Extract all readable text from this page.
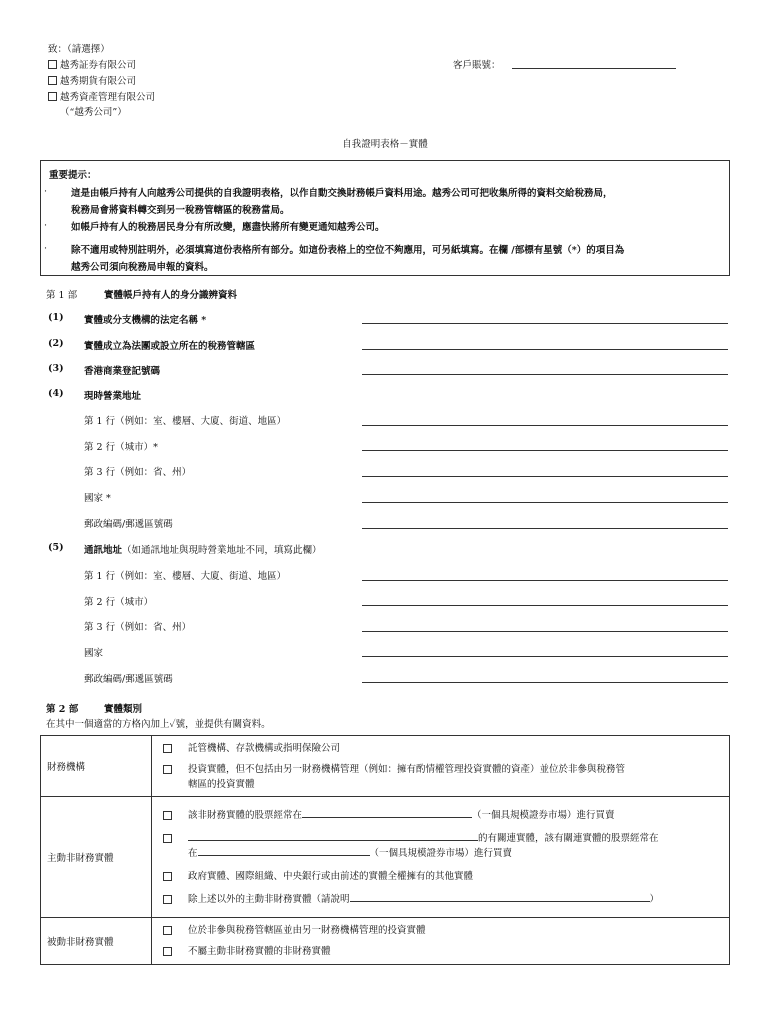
致：（請選擇）
越秀証券有限公司
越秀期貨有限公司
越秀資產管理有限公司
（“越秀公司”）
客戶賬號：
自我證明表格－實體
重要提示：
·	這是由帳戶持有人向越秀公司提供的自我證明表格，以作自動交換財務帳戶資料用途。越秀公司可把收集所得的資料交給稅務局，
稅務局會將資料轉交到另一稅務管轄區的稅務當局。
·	如帳戶持有人的稅務居民身分有所改變，應盡快將所有變更通知越秀公司。
·	除不適用或特別註明外，必須填寫這份表格所有部分。如這份表格上的空位不夠應用，可另紙填寫。在欄 /部標有星號（*）的項目為
越秀公司須向稅務局申報的資料。
第 1 部	實體帳戶持有人的身分識辨資料
(1) 實體或分支機構的法定名稱 *
(2) 實體成立為法團或設立所在的稅務管轄區
(3) 香港商業登記號碼
(4) 現時營業地址
第 1 行（例如：室、樓層、大廈、街道、地區）
第 2 行（城市）*
第 3 行（例如：省、州）
國家 *
郵政編碼/郵遞區號碼
(5) 通訊地址（如通訊地址與現時營業地址不同，填寫此欄）
第 1 行（例如：室、樓層、大廈、街道、地區）
第 2 行（城市）
第 3 行（例如：省、州）
國家
郵政編碼/郵遞區號碼
第 2 部	實體類別
在其中一個適當的方格內加上✓號，並提供有關資料。
財務機構	託管機構、存款機構或指明保險公司
投資實體，但不包括由另一財務機構管理（例如：擁有酌情權管理投資實體的資產）並位於非參與稅務管
轄區的投資實體

主動非財務實體	該非財務實體的股票經常在 （一個具規模證券市場）進行買賣
的有關連實體，該有關連實體的股票經常在
在 （一個具規模證券市場）進行買賣
政府實體、國際組織、中央銀行或由前述的實體全權擁有的其他實體
除上述以外的主動非財務實體（請說明 ）

被動非財務實體	位於非參與稅務管轄區並由另一財務機構管理的投資實體
不屬主動非財務實體的非財務實體
